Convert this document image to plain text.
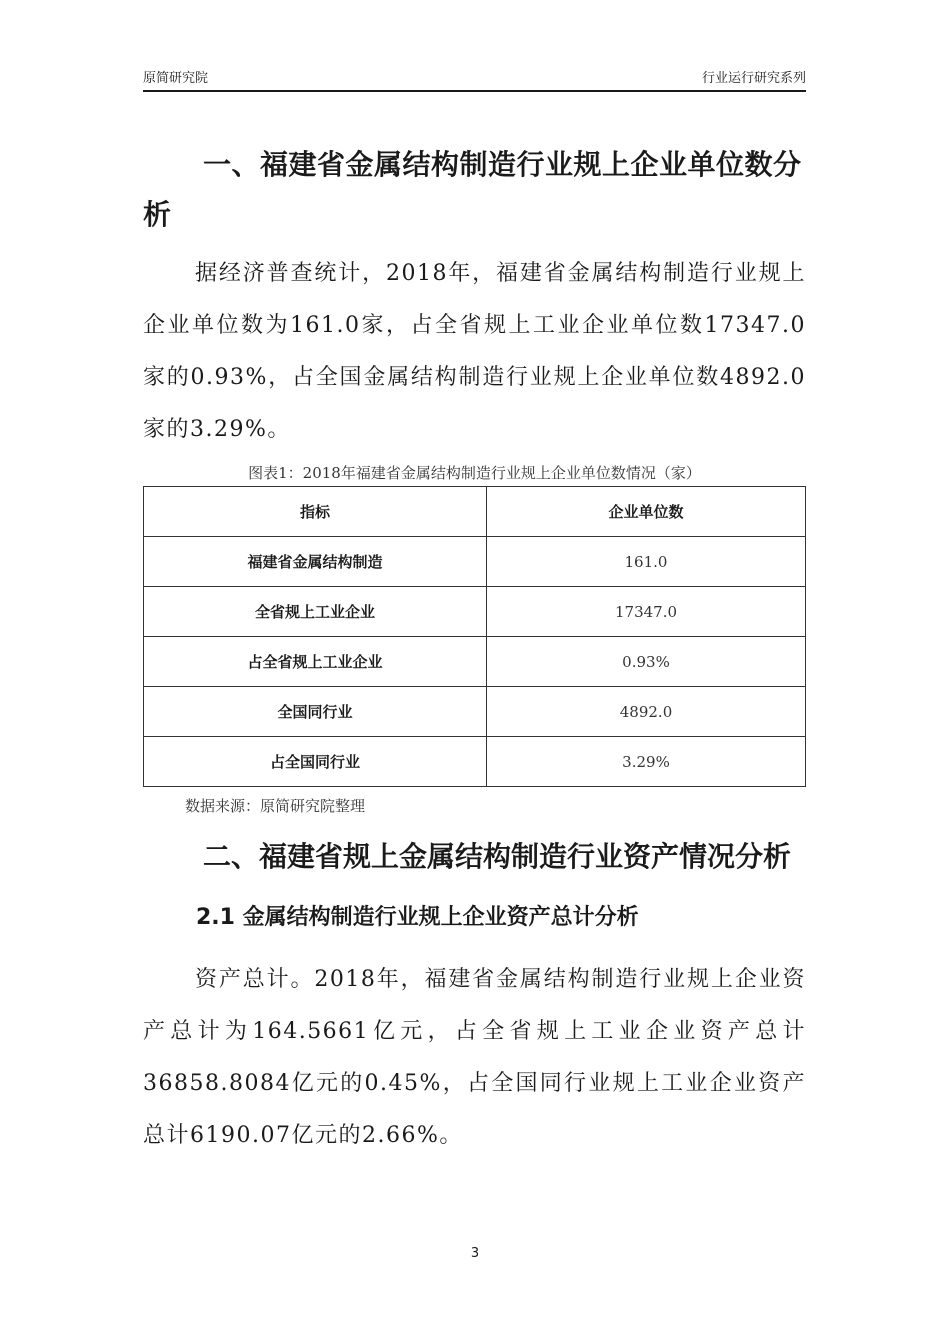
原简研究院	行业运行研究系列
一、福建省金属结构制造行业规上企业单位数分析
据经济普查统计，2018年，福建省金属结构制造行业规上企业单位数为161.0家，占全省规上工业企业单位数17347.0家的0.93%，占全国金属结构制造行业规上企业单位数4892.0家的3.29%。
图表1：2018年福建省金属结构制造行业规上企业单位数情况（家）
指标	企业单位数
福建省金属结构制造	161.0
全省规上工业企业	17347.0
占全省规上工业企业	0.93%
全国同行业	4892.0
占全国同行业	3.29%
数据来源：原简研究院整理
二、福建省规上金属结构制造行业资产情况分析
2.1 金属结构制造行业规上企业资产总计分析
资产总计。2018年，福建省金属结构制造行业规上企业资产总计为164.5661亿元，占全省规上工业企业资产总计36858.8084亿元的0.45%，占全国同行业规上工业企业资产总计6190.07亿元的2.66%。
3
